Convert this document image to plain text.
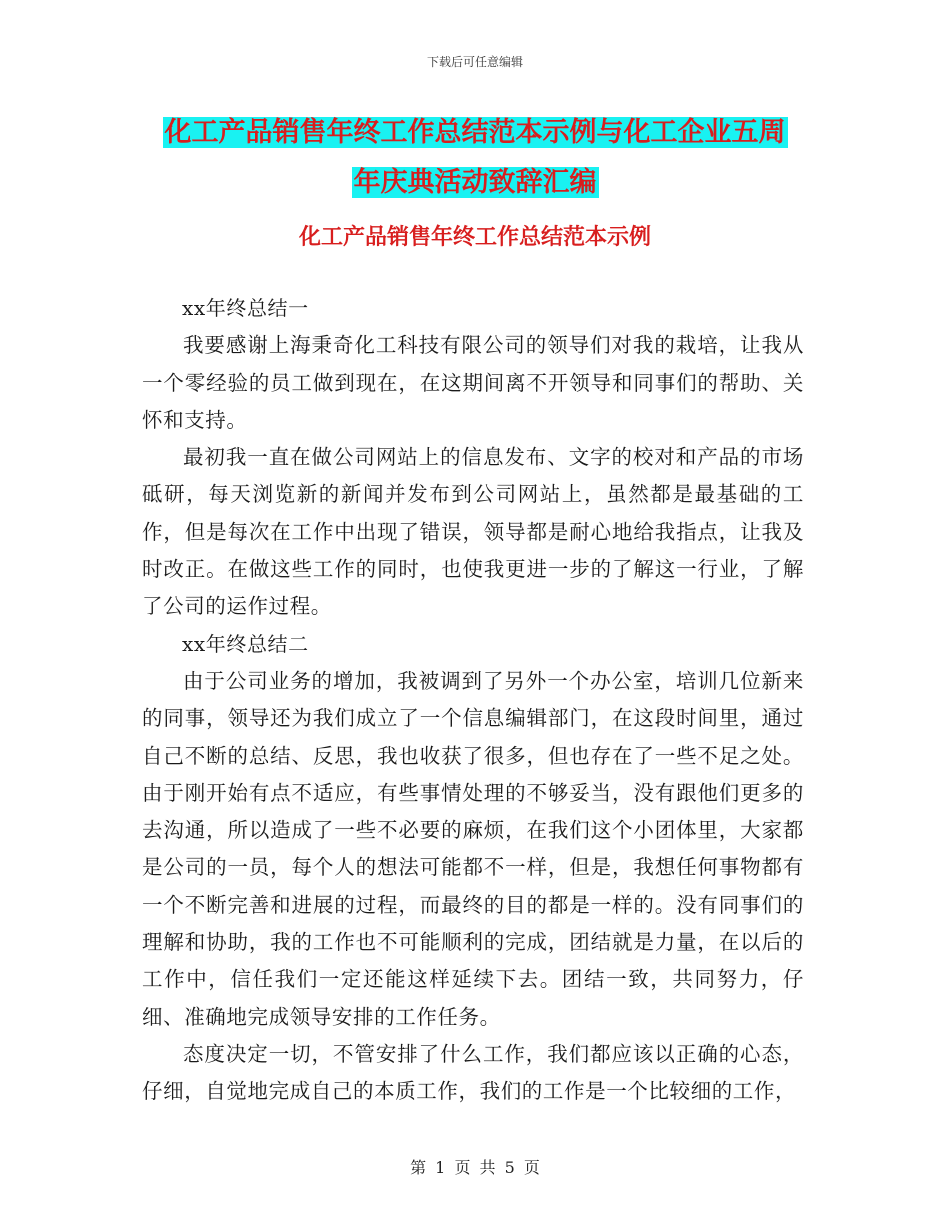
下载后可任意编辑
化工产品销售年终工作总结范本示例与化工企业五周
年庆典活动致辞汇编
化工产品销售年终工作总结范本示例

xx年终总结一

我要感谢上海秉奇化工科技有限公司的领导们对我的栽培，让我从一个零经验的员工做到现在，在这期间离不开领导和同事们的帮助、关怀和支持。

最初我一直在做公司网站上的信息发布、文字的校对和产品的市场砥研，每天浏览新的新闻并发布到公司网站上，虽然都是最基础的工作，但是每次在工作中出现了错误，领导都是耐心地给我指点，让我及时改正。在做这些工作的同时，也使我更进一步的了解这一行业，了解了公司的运作过程。

xx年终总结二

由于公司业务的增加，我被调到了另外一个办公室，培训几位新来的同事，领导还为我们成立了一个信息编辑部门，在这段时间里，通过自己不断的总结、反思，我也收获了很多，但也存在了一些不足之处。由于刚开始有点不适应，有些事情处理的不够妥当，没有跟他们更多的去沟通，所以造成了一些不必要的麻烦，在我们这个小团体里，大家都是公司的一员，每个人的想法可能都不一样，但是，我想任何事物都有一个不断完善和进展的过程，而最终的目的都是一样的。没有同事们的理解和协助，我的工作也不可能顺利的完成，团结就是力量，在以后的工作中，信任我们一定还能这样延续下去。团结一致，共同努力，仔细、准确地完成领导安排的工作任务。

态度决定一切，不管安排了什么工作，我们都应该以正确的心态，仔细，自觉地完成自己的本质工作，我们的工作是一个比较细的工作，

第 1 页 共 5 页
